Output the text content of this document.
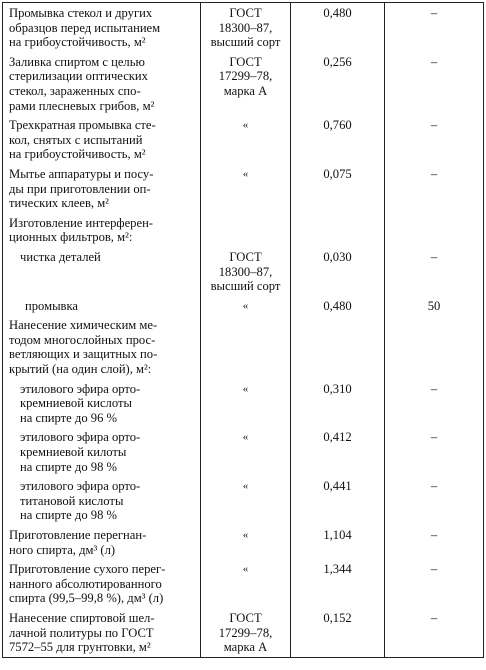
Промывка стекол и других
образцов перед испытанием
на грибоустойчивость, м²	ГОСТ
18300–87,
высший сорт	0,480	–

Заливка спиртом с целью
стерилизации оптических
стекол, зараженных спо-
рами плесневых грибов, м²	ГОСТ
17299–78,
марка А	0,256	–

Трехкратная промывка сте-
кол, снятых с испытаний
на грибоустойчивость, м²	«	0,760	–

Мытье аппаратуры и посу-
ды при приготовлении оп-
тических клеев, м²	«	0,075	–

Изготовление интерферен-
ционных фильтров, м²:			

чистка деталей	ГОСТ
18300–87,
высший сорт	0,030	–

промывка	«	0,480	50

Нанесение химическим ме-
тодом многослойных прос-
ветляющих и защитных по-
крытий (на один слой), м²:			

этилового эфира орто-
кремниевой кислоты
на спирте до 96 %	«	0,310	–

этилового эфира орто-
кремниевой килоты
на спирте до 98 %	«	0,412	–

этилового эфира орто-
титановой кислоты
на спирте до 98 %	«	0,441	–

Приготовление перегнан-
ного спирта, дм³ (л)	«	1,104	–

Приготовление сухого перег-
нанного абсолютированного
спирта (99,5–99,8 %), дм³ (л)	«	1,344	–

Нанесение спиртовой шел-
лачной политуры по ГОСТ
7572–55 для грунтовки, м²	ГОСТ
17299–78,
марка А	0,152	–
